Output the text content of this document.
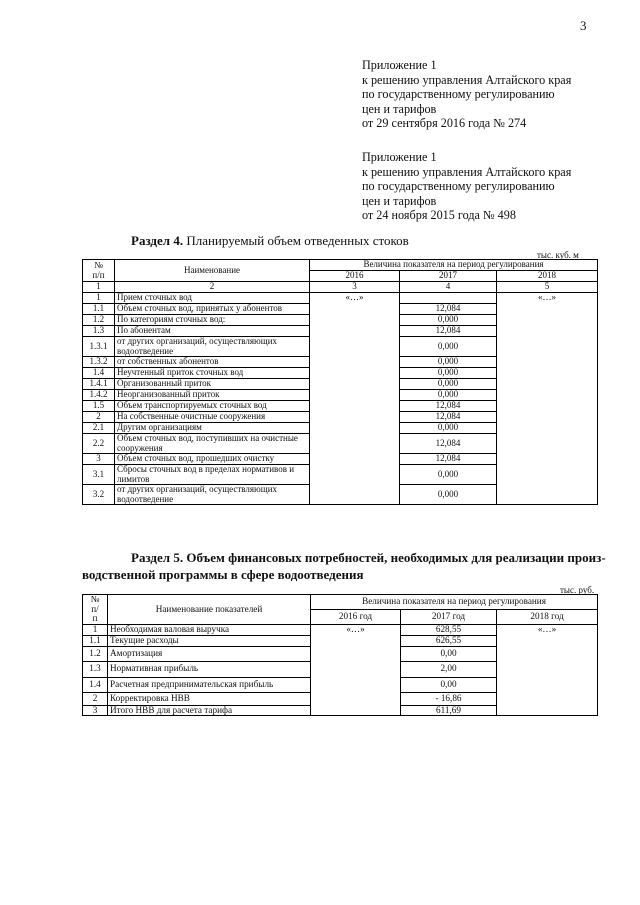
3
Приложение 1
к решению управления Алтайского края
по государственному регулированию
цен и тарифов
от 29 сентября 2016 года № 274
Приложение 1
к решению управления Алтайского края
по государственному регулированию
цен и тарифов
от 24 ноября 2015 года № 498
Раздел 4. Планируемый объем отведенных стоков
тыс. куб. м
№
п/п	Наименование	Величина показателя на период регулирования		
		2016	2017	2018
1	2	3	4	5
1	Прием сточных вод	«…»		«…»
1.1	Объем сточных вод, принятых у абонентов		12,084	
1.2	По категориям сточных вод:		0,000	
1.3	По абонентам		12,084	
1.3.1	от других организаций, осуществляющих водоотведение		0,000	
1.3.2	от собственных абонентов		0,000	
1.4	Неучтенный приток сточных вод		0,000	
1.4.1	Организованный приток		0,000	
1.4.2	Неорганизованный приток		0,000	
1.5	Объем транспортируемых сточных вод		12,084	
2	На собственные очистные сооружения		12,084	
2.1	Другим организациям		0,000	
2.2	Объем сточных вод, поступивших на очистные сооружения		12,084	
3	Объем сточных вод, прошедших очистку		12,084	
3.1	Сбросы сточных вод в пределах нормативов и лимитов		0,000	
3.2	от других организаций, осуществляющих водоотведение		0,000	
Раздел 5. Объем финансовых потребностей, необходимых для реализации произ-
водственной программы в сфере водоотведения
тыс. руб.
№
п/
п	Наименование показателей	Величина показателя на период регулирования		
		2016 год	2017 год	2018 год
1	Необходимая валовая выручка	«…»	628,55	«…»
1.1	Текущие расходы		626,55	
1.2	Амортизация		0,00	
1.3	Нормативная прибыль		2,00	
1.4	Расчетная предпринимательская прибыль		0,00	
2	Корректировка НВВ		- 16,86	
3	Итого НВВ для расчета тарифа		611,69	
